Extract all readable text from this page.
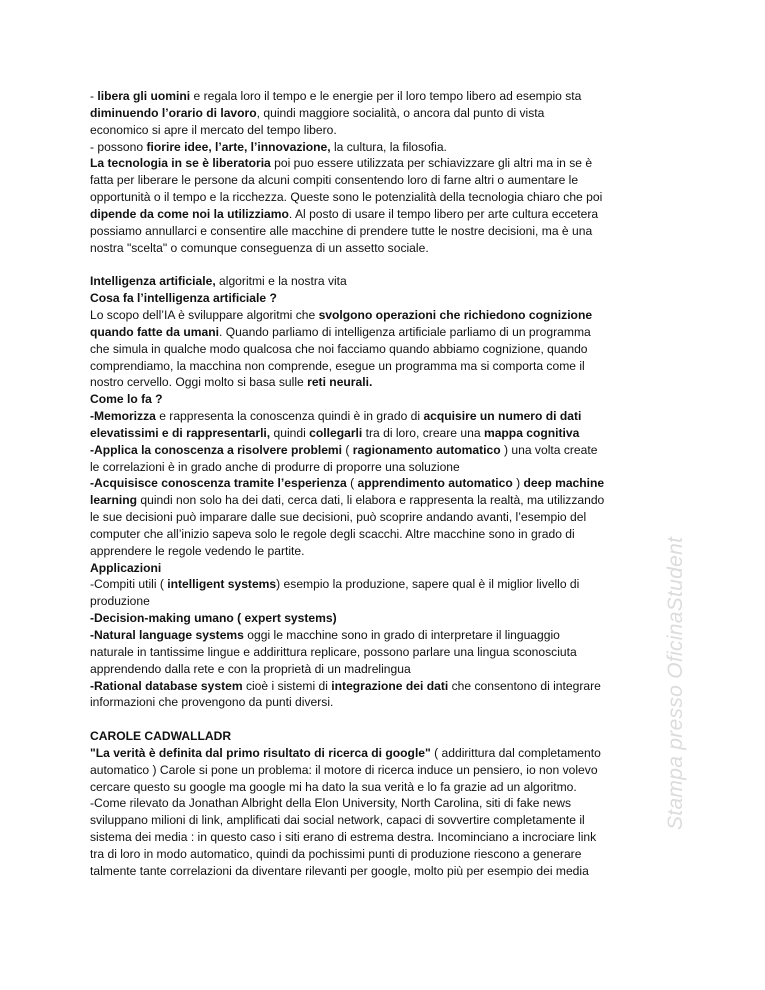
- libera gli uomini e regala loro il tempo e le energie per il loro tempo libero ad esempio sta
diminuendo l’orario di lavoro, quindi maggiore socialità, o ancora dal punto di vista
economico si apre il mercato del tempo libero.
- possono fiorire idee, l’arte, l’innovazione, la cultura, la filosofia.
La tecnologia in se è liberatoria poi puo essere utilizzata per schiavizzare gli altri ma in se è
fatta per liberare le persone da alcuni compiti consentendo loro di farne altri o aumentare le
opportunità o il tempo e la ricchezza. Queste sono le potenzialità della tecnologia chiaro che poi
dipende da come noi la utilizziamo. Al posto di usare il tempo libero per arte cultura eccetera
possiamo annullarci e consentire alle macchine di prendere tutte le nostre decisioni, ma è una
nostra "scelta" o comunque conseguenza di un assetto sociale.
Intelligenza artificiale, algoritmi e la nostra vita
Cosa fa l’intelligenza artificiale ?
Lo scopo dell’IA è sviluppare algoritmi che svolgono operazioni che richiedono cognizione
quando fatte da umani. Quando parliamo di intelligenza artificiale parliamo di un programma
che simula in qualche modo qualcosa che noi facciamo quando abbiamo cognizione, quando
comprendiamo, la macchina non comprende, esegue un programma ma si comporta come il
nostro cervello. Oggi molto si basa sulle reti neurali.
Come lo fa ?
-Memorizza e rappresenta la conoscenza quindi è in grado di acquisire un numero di dati
elevatissimi e di rappresentarli, quindi collegarli tra di loro, creare una mappa cognitiva
-Applica la conoscenza a risolvere problemi ( ragionamento automatico ) una volta create
le correlazioni è in grado anche di produrre di proporre una soluzione
-Acquisisce conoscenza tramite l’esperienza ( apprendimento automatico ) deep machine
learning quindi non solo ha dei dati, cerca dati, li elabora e rappresenta la realtà, ma utilizzando
le sue decisioni può imparare dalle sue decisioni, può scoprire andando avanti, l’esempio del
computer che all’inizio sapeva solo le regole degli scacchi. Altre macchine sono in grado di
apprendere le regole vedendo le partite.
Applicazioni
-Compiti utili ( intelligent systems) esempio la produzione, sapere qual è il miglior livello di
produzione
-Decision-making umano ( expert systems)
-Natural language systems oggi le macchine sono in grado di interpretare il linguaggio
naturale in tantissime lingue e addirittura replicare, possono parlare una lingua sconosciuta
apprendendo dalla rete e con la proprietà di un madrelingua
-Rational database system cioè i sistemi di integrazione dei dati che consentono di integrare
informazioni che provengono da punti diversi.
CAROLE CADWALLADR
"La verità è definita dal primo risultato di ricerca di google" ( addirittura dal completamento
automatico ) Carole si pone un problema: il motore di ricerca induce un pensiero, io non volevo
cercare questo su google ma google mi ha dato la sua verità e lo fa grazie ad un algoritmo.
-Come rilevato da Jonathan Albright della Elon University, North Carolina, siti di fake news
sviluppano milioni di link, amplificati dai social network, capaci di sovvertire completamente il
sistema dei media : in questo caso i siti erano di estrema destra. Incominciano a incrociare link
tra di loro in modo automatico, quindi da pochissimi punti di produzione riescono a generare
talmente tante correlazioni da diventare rilevanti per google, molto più per esempio dei media
Stampa presso OficinaStudent
